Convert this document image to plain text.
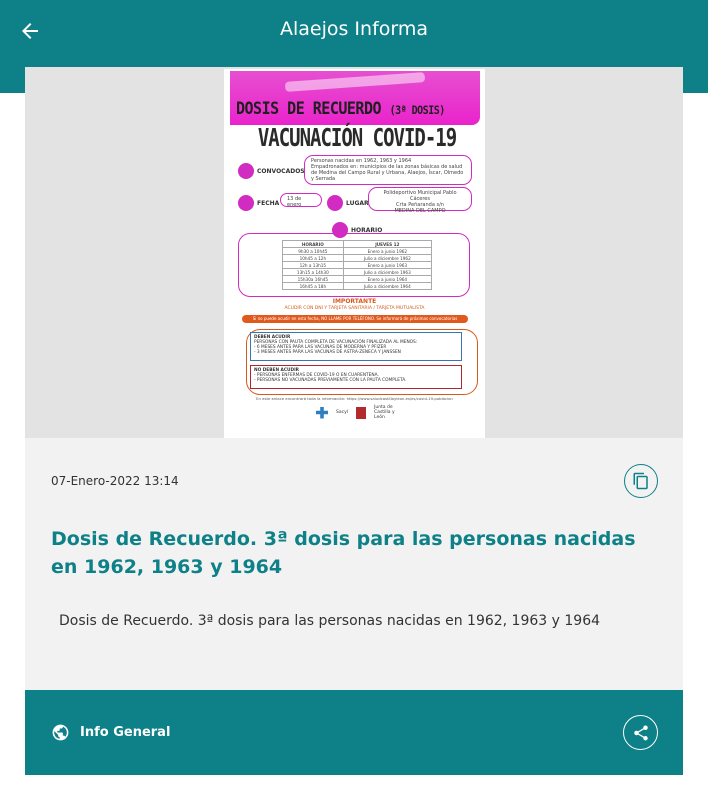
Alaejos Informa
DOSIS DE RECUERDO (3ª DOSIS)
VACUNACIÓN COVID-19
CONVOCADOS
Personas nacidas en 1962, 1963 y 1964
Empadronados en: municipios de las zonas básicas de salud de Medina del Campo Rural y Urbana, Alaejos, Íscar, Olmedo y Serrada
FECHA
13 de enero	LUGAR
Polideportivo Municipal Pablo Cáceres
Crta Peñaranda s/n
MEDINA DEL CAMPO
HORARIO
HORARIO	JUEVES 12
9h30 a 10h45	Enero a junio 1962
10h45 a 12h	Julio a diciembre 1962
12h a 13h15	Enero a junio 1963
13h15 a 14h30	Julio a diciembre 1963
15h30a 16h45	Enero a junio 1964
16h45 a 18h	Julio a diciembre 1964
IMPORTANTE
ACUDIR CON DNI Y TARJETA SANITARIA / TARJETA MUTUALISTA
Si no puede acudir en esta fecha, NO LLAME POR TELÉFONO. Se informará de próximas convocatorias
DEBEN ACUDIR
PERSONAS CON PAUTA COMPLETA DE VACUNACIÓN FINALIZADA AL MENOS:
- 6 MESES ANTES PARA LAS VACUNAS DE MODERNA Y PFIZER
- 3 MESES ANTES PARA LAS VACUNAS DE ASTRA-ZENECA Y JANSSEN
NO DEBEN ACUDIR
- PERSONAS ENFERMAS DE COVID-19 O EN CUARENTENA.
- PERSONAS NO VACUNADAS PREVIAMENTE CON LA PAUTA COMPLETA.
En este enlace encontrará toda la información: https://www.saludcastillayleon.es/es/covid-19-poblacion
Sacyl
Junta de Castilla y León
07-Enero-2022 13:14
Dosis de Recuerdo. 3ª dosis para las personas nacidas en 1962, 1963 y 1964
Dosis de Recuerdo. 3ª dosis para las personas nacidas en 1962, 1963 y 1964
Info General
